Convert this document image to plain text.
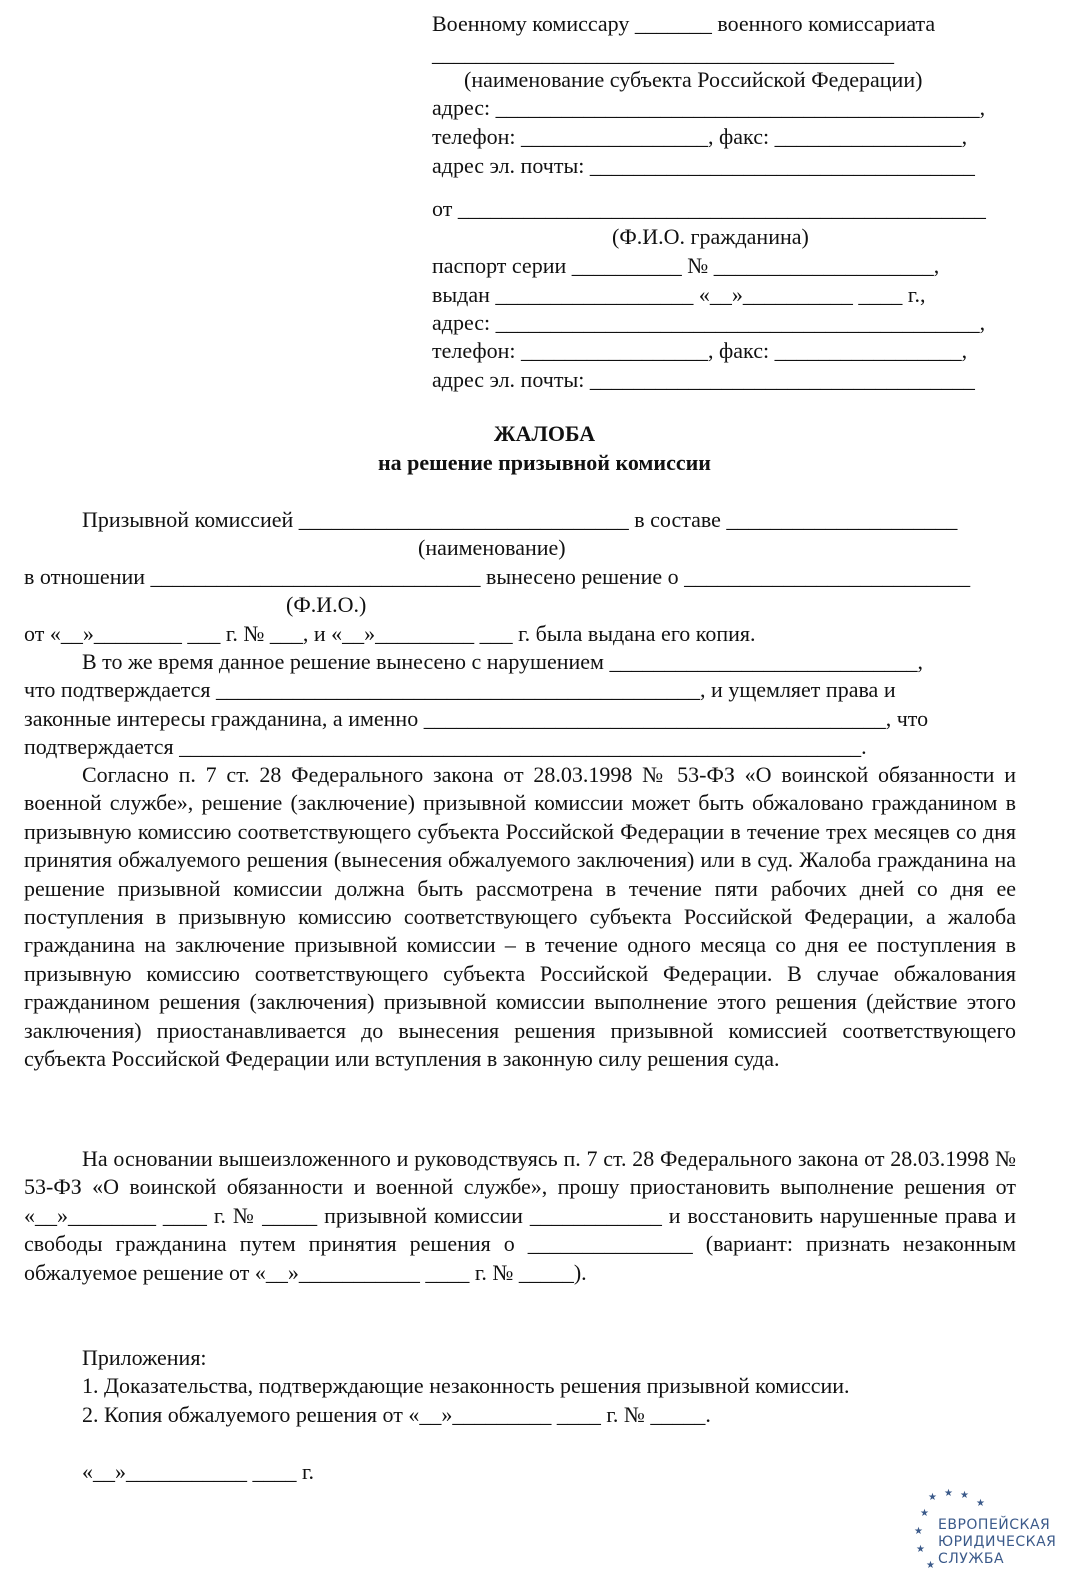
Военному комиссару _______ военного комиссариата
__________________________________________
(наименование субъекта Российской Федерации)
адрес: ____________________________________________,
телефон: _________________, факс: _________________,
адрес эл. почты: ___________________________________
от ________________________________________________
(Ф.И.О. гражданина)
паспорт серии __________ № ____________________,
выдан __________________ «__»__________ ____ г.,
адрес: ____________________________________________,
телефон: _________________, факс: _________________,
адрес эл. почты: ___________________________________
ЖАЛОБА
на решение призывной комиссии
Призывной комиссией ______________________________ в составе _____________________
(наименование)
в отношении ______________________________ вынесено решение о __________________________
(Ф.И.О.)
от «__»________ ___ г. № ___, и «__»_________ ___ г. была выдана его копия.
В то же время данное решение вынесено с нарушением ____________________________,
что подтверждается ____________________________________________, и ущемляет права и
законные интересы гражданина, а именно __________________________________________, что
подтверждается ______________________________________________________________.
Согласно п. 7 ст. 28 Федерального закона от 28.03.1998 № 53-ФЗ «О воинской обязанности и военной службе», решение (заключение) призывной комиссии может быть обжаловано гражданином в призывную комиссию соответствующего субъекта Российской Федерации в течение трех месяцев со дня принятия обжалуемого решения (вынесения обжалуемого заключения) или в суд. Жалоба гражданина на решение призывной комиссии должна быть рассмотрена в течение пяти рабочих дней со дня ее поступления в призывную комиссию соответствующего субъекта Российской Федерации, а жалоба гражданина на заключение призывной комиссии – в течение одного месяца со дня ее поступления в призывную комиссию соответствующего субъекта Российской Федерации. В случае обжалования гражданином решения (заключения) призывной комиссии выполнение этого решения (действие этого заключения) приостанавливается до вынесения решения призывной комиссией соответствующего субъекта Российской Федерации или вступления в законную силу решения суда.
На основании вышеизложенного и руководствуясь п. 7 ст. 28 Федерального закона от 28.03.1998 № 53-ФЗ «О воинской обязанности и военной службе», прошу приостановить выполнение решения от «__»________ ____ г. № _____ призывной комиссии ____________ и восстановить нарушенные права и свободы гражданина путем принятия решения о _______________ (вариант: признать незаконным обжалуемое решение от «__»___________ ____ г. № _____).
Приложения:
1. Доказательства, подтверждающие незаконность решения призывной комиссии.
2. Копия обжалуемого решения от «__»_________ ____ г. № _____.
«__»___________ ____ г.
★ ★ ★
★
★
★
★
★
ЕВРОПЕЙСКАЯ
ЮРИДИЧЕСКАЯ
СЛУЖБА
